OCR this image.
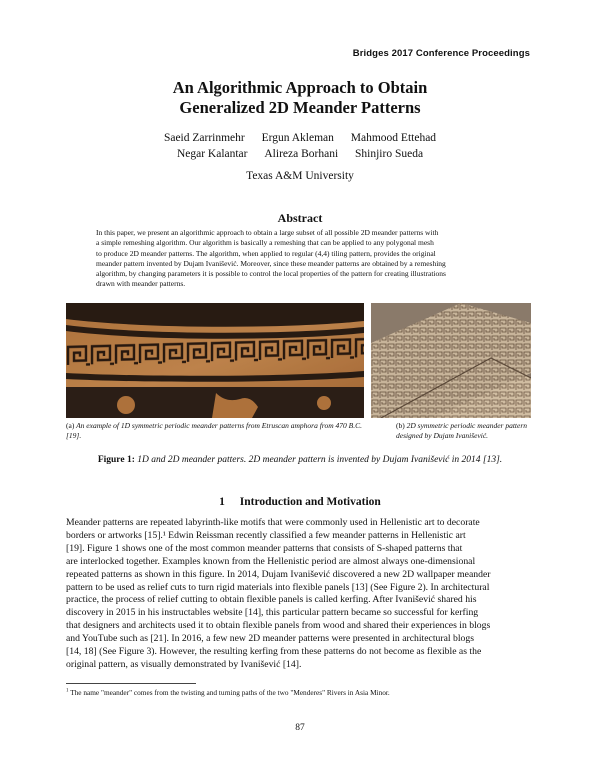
Bridges 2017 Conference Proceedings
An Algorithmic Approach to Obtain
Generalized 2D Meander Patterns
Saeid Zarrinmehr Ergun Akleman Mahmood Ettehad
Negar Kalantar Alireza Borhani Shinjiro Sueda
Texas A&M University
Abstract

In this paper, we present an algorithmic approach to obtain a large subset of all possible 2D meander patterns with

a simple remeshing algorithm. Our algorithm is basically a remeshing that can be applied to any polygonal mesh

to produce 2D meander patterns. The algorithm, when applied to regular (4,4) tiling pattern, provides the original

meander pattern invented by Dujam Ivanišević. Moreover, since these meander patterns are obtained by a remeshing

algorithm, by changing parameters it is possible to control the local properties of the pattern for creating illustrations

drawn with meander patterns.

(a) An example of 1D symmetric periodic meander patterns from Etruscan amphora from 470 B.C. [19].
(b) 2D symmetric periodic meander pattern designed by Dujam Ivanišević.
Figure 1: 1D and 2D meander patters. 2D meander pattern is invented by Dujam Ivanišević in 2014 [13].
1 Introduction and Motivation

Meander patterns are repeated labyrinth-like motifs that were commonly used in Hellenistic art to decorate

borders or artworks [15].¹ Edwin Reissman recently classified a few meander patterns in Hellenistic art

[19]. Figure 1 shows one of the most common meander patterns that consists of S-shaped patterns that

are interlocked together. Examples known from the Hellenistic period are almost always one-dimensional

repeated patterns as shown in this figure. In 2014, Dujam Ivanišević discovered a new 2D wallpaper meander

pattern to be used as relief cuts to turn rigid materials into flexible panels [13] (See Figure 2). In architectural

practice, the process of relief cutting to obtain flexible panels is called kerfing. After Ivanišević shared his

discovery in 2015 in his instructables website [14], this particular pattern became so successful for kerfing

that designers and architects used it to obtain flexible panels from wood and shared their experiences in blogs

and YouTube such as [21]. In 2016, a few new 2D meander patterns were presented in architectural blogs

[14, 18] (See Figure 3). However, the resulting kerfing from these patterns do not become as flexible as the

original pattern, as visually demonstrated by Ivanišević [14].

$^1$ The name "meander" comes from the twisting and turning paths of the two "Menderes" Rivers in Asia Minor.
87
